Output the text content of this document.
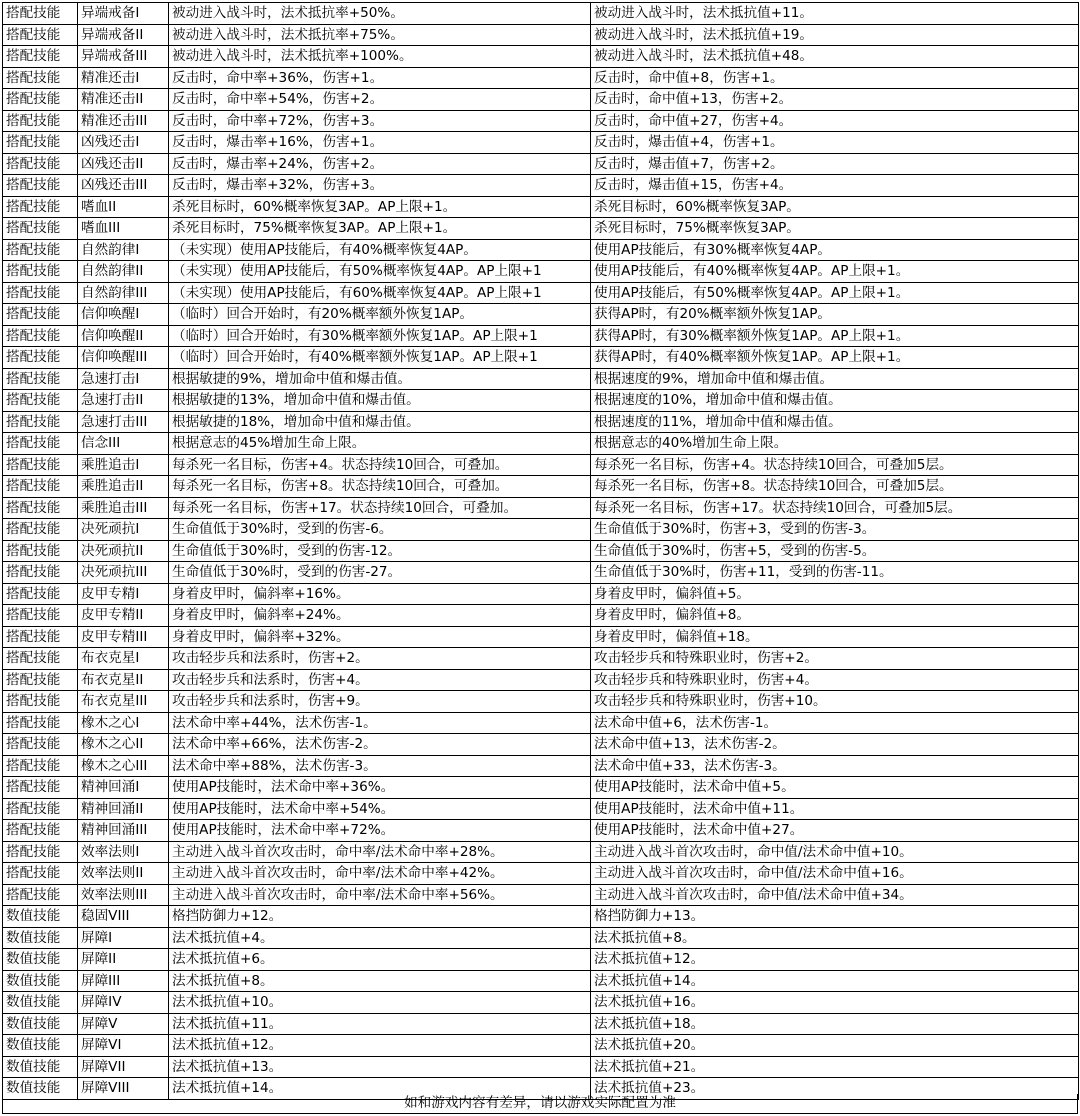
搭配技能	异端戒备I	被动进入战斗时，法术抵抗率+50%。	被动进入战斗时，法术抵抗值+11。
搭配技能	异端戒备II	被动进入战斗时，法术抵抗率+75%。	被动进入战斗时，法术抵抗值+19。
搭配技能	异端戒备III	被动进入战斗时，法术抵抗率+100%。	被动进入战斗时，法术抵抗值+48。
搭配技能	精准还击I	反击时，命中率+36%，伤害+1。	反击时，命中值+8，伤害+1。
搭配技能	精准还击II	反击时，命中率+54%，伤害+2。	反击时，命中值+13，伤害+2。
搭配技能	精准还击III	反击时，命中率+72%，伤害+3。	反击时，命中值+27，伤害+4。
搭配技能	凶残还击I	反击时，爆击率+16%，伤害+1。	反击时，爆击值+4，伤害+1。
搭配技能	凶残还击II	反击时，爆击率+24%，伤害+2。	反击时，爆击值+7，伤害+2。
搭配技能	凶残还击III	反击时，爆击率+32%，伤害+3。	反击时，爆击值+15，伤害+4。
搭配技能	嗜血II	杀死目标时，60%概率恢复3AP。AP上限+1。	杀死目标时，60%概率恢复3AP。
搭配技能	嗜血III	杀死目标时，75%概率恢复3AP。AP上限+1。	杀死目标时，75%概率恢复3AP。
搭配技能	自然韵律I	（未实现）使用AP技能后，有40%概率恢复4AP。	使用AP技能后，有30%概率恢复4AP。
搭配技能	自然韵律II	（未实现）使用AP技能后，有50%概率恢复4AP。AP上限+1	使用AP技能后，有40%概率恢复4AP。AP上限+1。
搭配技能	自然韵律III	（未实现）使用AP技能后，有60%概率恢复4AP。AP上限+1	使用AP技能后，有50%概率恢复4AP。AP上限+1。
搭配技能	信仰唤醒I	（临时）回合开始时，有20%概率额外恢复1AP。	获得AP时，有20%概率额外恢复1AP。
搭配技能	信仰唤醒II	（临时）回合开始时，有30%概率额外恢复1AP。AP上限+1	获得AP时，有30%概率额外恢复1AP。AP上限+1。
搭配技能	信仰唤醒III	（临时）回合开始时，有40%概率额外恢复1AP。AP上限+1	获得AP时，有40%概率额外恢复1AP。AP上限+1。
搭配技能	急速打击I	根据敏捷的9%，增加命中值和爆击值。	根据速度的9%，增加命中值和爆击值。
搭配技能	急速打击II	根据敏捷的13%，增加命中值和爆击值。	根据速度的10%，增加命中值和爆击值。
搭配技能	急速打击III	根据敏捷的18%，增加命中值和爆击值。	根据速度的11%，增加命中值和爆击值。
搭配技能	信念III	根据意志的45%增加生命上限。	根据意志的40%增加生命上限。
搭配技能	乘胜追击I	每杀死一名目标，伤害+4。状态持续10回合，可叠加。	每杀死一名目标，伤害+4。状态持续10回合，可叠加5层。
搭配技能	乘胜追击II	每杀死一名目标，伤害+8。状态持续10回合，可叠加。	每杀死一名目标，伤害+8。状态持续10回合，可叠加5层。
搭配技能	乘胜追击III	每杀死一名目标，伤害+17。状态持续10回合，可叠加。	每杀死一名目标，伤害+17。状态持续10回合，可叠加5层。
搭配技能	决死顽抗I	生命值低于30%时，受到的伤害-6。	生命值低于30%时，伤害+3，受到的伤害-3。
搭配技能	决死顽抗II	生命值低于30%时，受到的伤害-12。	生命值低于30%时，伤害+5，受到的伤害-5。
搭配技能	决死顽抗III	生命值低于30%时，受到的伤害-27。	生命值低于30%时，伤害+11，受到的伤害-11。
搭配技能	皮甲专精I	身着皮甲时，偏斜率+16%。	身着皮甲时，偏斜值+5。
搭配技能	皮甲专精II	身着皮甲时，偏斜率+24%。	身着皮甲时，偏斜值+8。
搭配技能	皮甲专精III	身着皮甲时，偏斜率+32%。	身着皮甲时，偏斜值+18。
搭配技能	布衣克星I	攻击轻步兵和法系时，伤害+2。	攻击轻步兵和特殊职业时，伤害+2。
搭配技能	布衣克星II	攻击轻步兵和法系时，伤害+4。	攻击轻步兵和特殊职业时，伤害+4。
搭配技能	布衣克星III	攻击轻步兵和法系时，伤害+9。	攻击轻步兵和特殊职业时，伤害+10。
搭配技能	橡木之心I	法术命中率+44%，法术伤害-1。	法术命中值+6，法术伤害-1。
搭配技能	橡木之心II	法术命中率+66%，法术伤害-2。	法术命中值+13，法术伤害-2。
搭配技能	橡木之心III	法术命中率+88%，法术伤害-3。	法术命中值+33，法术伤害-3。
搭配技能	精神回涌I	使用AP技能时，法术命中率+36%。	使用AP技能时，法术命中值+5。
搭配技能	精神回涌II	使用AP技能时，法术命中率+54%。	使用AP技能时，法术命中值+11。
搭配技能	精神回涌III	使用AP技能时，法术命中率+72%。	使用AP技能时，法术命中值+27。
搭配技能	效率法则I	主动进入战斗首次攻击时，命中率/法术命中率+28%。	主动进入战斗首次攻击时，命中值/法术命中值+10。
搭配技能	效率法则II	主动进入战斗首次攻击时，命中率/法术命中率+42%。	主动进入战斗首次攻击时，命中值/法术命中值+16。
搭配技能	效率法则III	主动进入战斗首次攻击时，命中率/法术命中率+56%。	主动进入战斗首次攻击时，命中值/法术命中值+34。
数值技能	稳固VIII	格挡防御力+12。	格挡防御力+13。
数值技能	屏障I	法术抵抗值+4。	法术抵抗值+8。
数值技能	屏障II	法术抵抗值+6。	法术抵抗值+12。
数值技能	屏障III	法术抵抗值+8。	法术抵抗值+14。
数值技能	屏障IV	法术抵抗值+10。	法术抵抗值+16。
数值技能	屏障V	法术抵抗值+11。	法术抵抗值+18。
数值技能	屏障VI	法术抵抗值+12。	法术抵抗值+20。
数值技能	屏障VII	法术抵抗值+13。	法术抵抗值+21。
数值技能	屏障VIII	法术抵抗值+14。	法术抵抗值+23。
如和游戏内容有差异，请以游戏实际配置为准
